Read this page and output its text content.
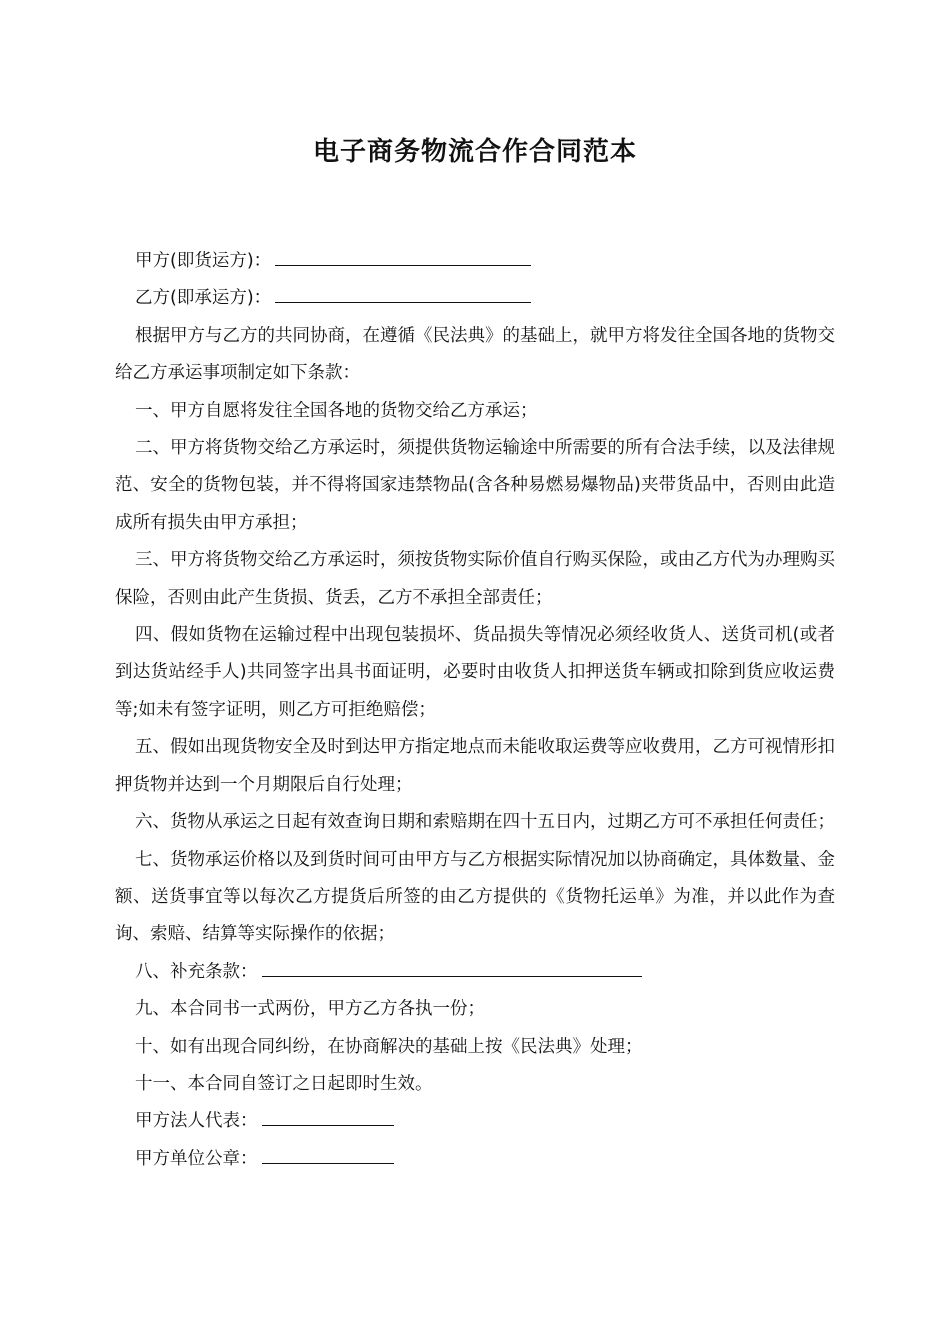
电子商务物流合作合同范本

甲方(即货运方)：

乙方(即承运方)：

根据甲方与乙方的共同协商，在遵循《民法典》的基础上，就甲方将发往全国各地的货物交给乙方承运事项制定如下条款：

一、甲方自愿将发往全国各地的货物交给乙方承运；

二、甲方将货物交给乙方承运时，须提供货物运输途中所需要的所有合法手续，以及法律规范、安全的货物包装，并不得将国家违禁物品(含各种易燃易爆物品)夹带货品中，否则由此造成所有损失由甲方承担；

三、甲方将货物交给乙方承运时，须按货物实际价值自行购买保险，或由乙方代为办理购买保险，否则由此产生货损、货丢，乙方不承担全部责任；

四、假如货物在运输过程中出现包装损坏、货品损失等情况必须经收货人、送货司机(或者到达货站经手人)共同签字出具书面证明，必要时由收货人扣押送货车辆或扣除到货应收运费等;如未有签字证明，则乙方可拒绝赔偿；

五、假如出现货物安全及时到达甲方指定地点而未能收取运费等应收费用，乙方可视情形扣押货物并达到一个月期限后自行处理；

六、货物从承运之日起有效查询日期和索赔期在四十五日内，过期乙方可不承担任何责任；

七、货物承运价格以及到货时间可由甲方与乙方根据实际情况加以协商确定，具体数量、金额、送货事宜等以每次乙方提货后所签的由乙方提供的《货物托运单》为准，并以此作为查询、索赔、结算等实际操作的依据；

八、补充条款：

九、本合同书一式两份，甲方乙方各执一份；

十、如有出现合同纠纷，在协商解决的基础上按《民法典》处理；

十一、本合同自签订之日起即时生效。

甲方法人代表：

甲方单位公章：
